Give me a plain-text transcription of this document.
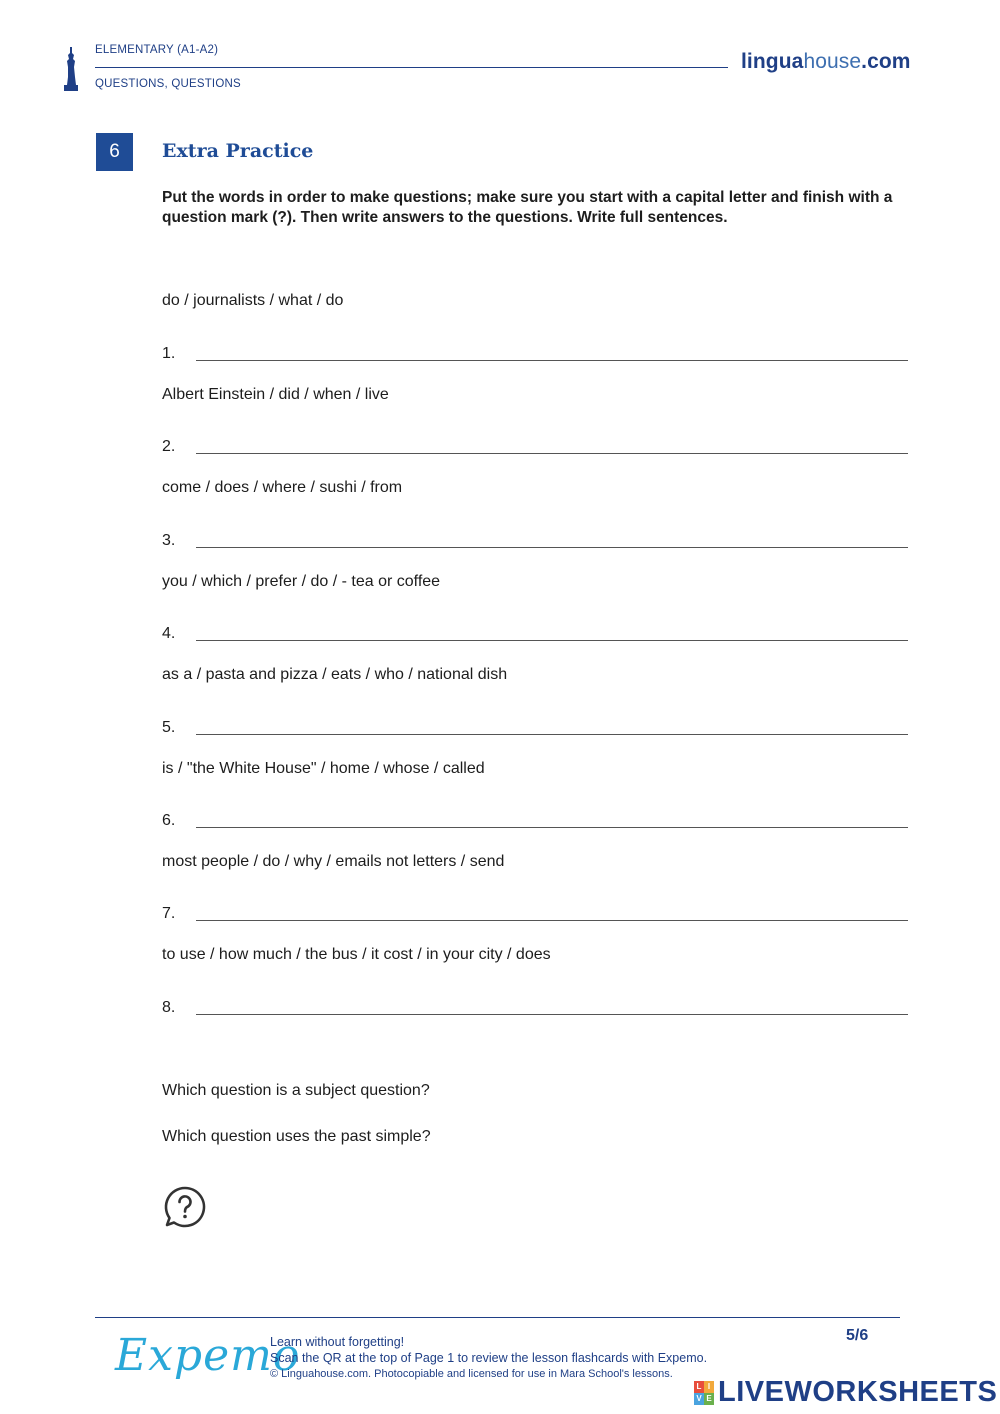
ELEMENTARY (A1-A2)
QUESTIONS, QUESTIONS
linguahouse.com
6	Extra Practice
Put the words in order to make questions; make sure you start with a capital letter and finish with a question mark (?). Then write answers to the questions. Write full sentences.
do / journalists / what / do
1.
Albert Einstein / did / when / live
2.
come / does / where / sushi / from
3.
you / which / prefer / do / - tea or coffee
4.
as a / pasta and pizza / eats / who / national dish
5.
is / "the White House" / home / whose / called
6.
most people / do / why / emails not letters / send
7.
to use / how much / the bus / it cost / in your city / does
8.
Which question is a subject question?
Which question uses the past simple?
Expemo
Learn without forgetting!
Scan the QR at the top of Page 1 to review the lesson flashcards with Expemo.
© Linguahouse.com. Photocopiable and licensed for use in Mara School's lessons.
5/6
L I
V E LIVEWORKSHEETS
